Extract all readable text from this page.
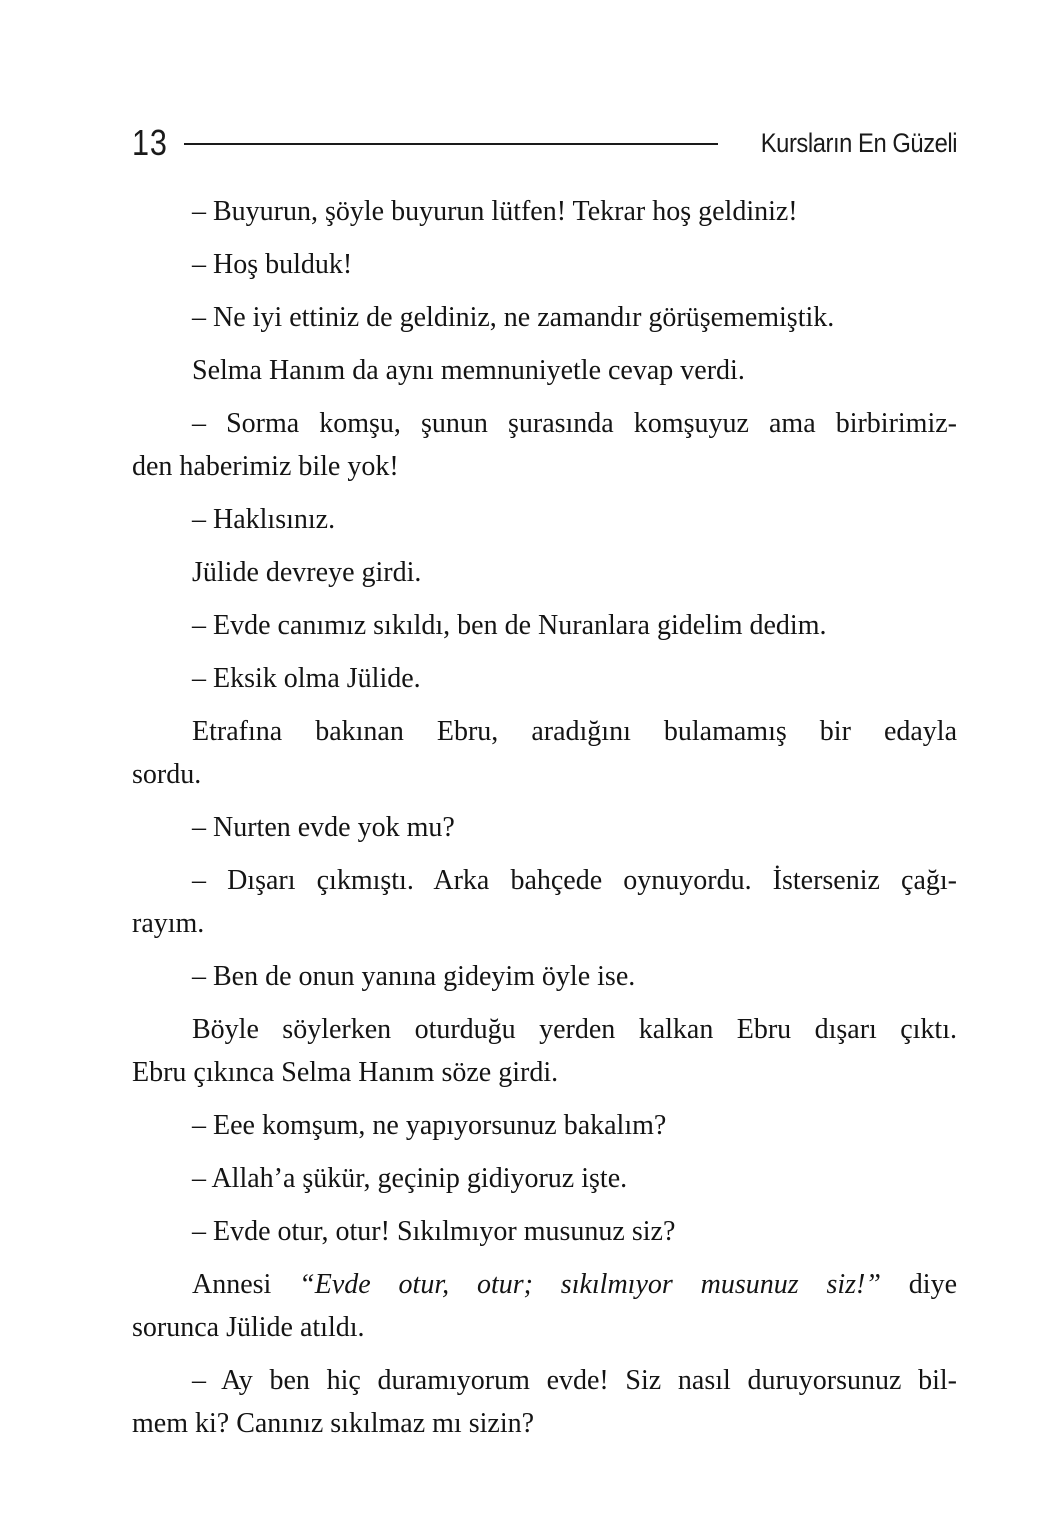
13	Kursların En Güzeli

– Buyurun, şöyle buyurun lütfen! Tekrar hoş geldiniz!

– Hoş bulduk!

– Ne iyi ettiniz de geldiniz, ne zamandır görüşememiştik.

Selma Hanım da aynı memnuniyetle cevap verdi.

– Sorma komşu, şunun şurasında komşuyuz ama birbirimiz-
den haberimiz bile yok!

– Haklısınız.

Jülide devreye girdi.

– Evde canımız sıkıldı, ben de Nuranlara gidelim dedim.

– Eksik olma Jülide.

Etrafına bakınan Ebru, aradığını bulamamış bir edayla
sordu.

– Nurten evde yok mu?

– Dışarı çıkmıştı. Arka bahçede oynuyordu. İsterseniz çağı-
rayım.

– Ben de onun yanına gideyim öyle ise.

Böyle söylerken oturduğu yerden kalkan Ebru dışarı çıktı.
Ebru çıkınca Selma Hanım söze girdi.

– Eee komşum, ne yapıyorsunuz bakalım?

– Allah’a şükür, geçinip gidiyoruz işte.

– Evde otur, otur! Sıkılmıyor musunuz siz?

Annesi “Evde otur, otur; sıkılmıyor musunuz siz!” diye
sorunca Jülide atıldı.

– Ay ben hiç duramıyorum evde! Siz nasıl duruyorsunuz bil-
mem ki? Canınız sıkılmaz mı sizin?
